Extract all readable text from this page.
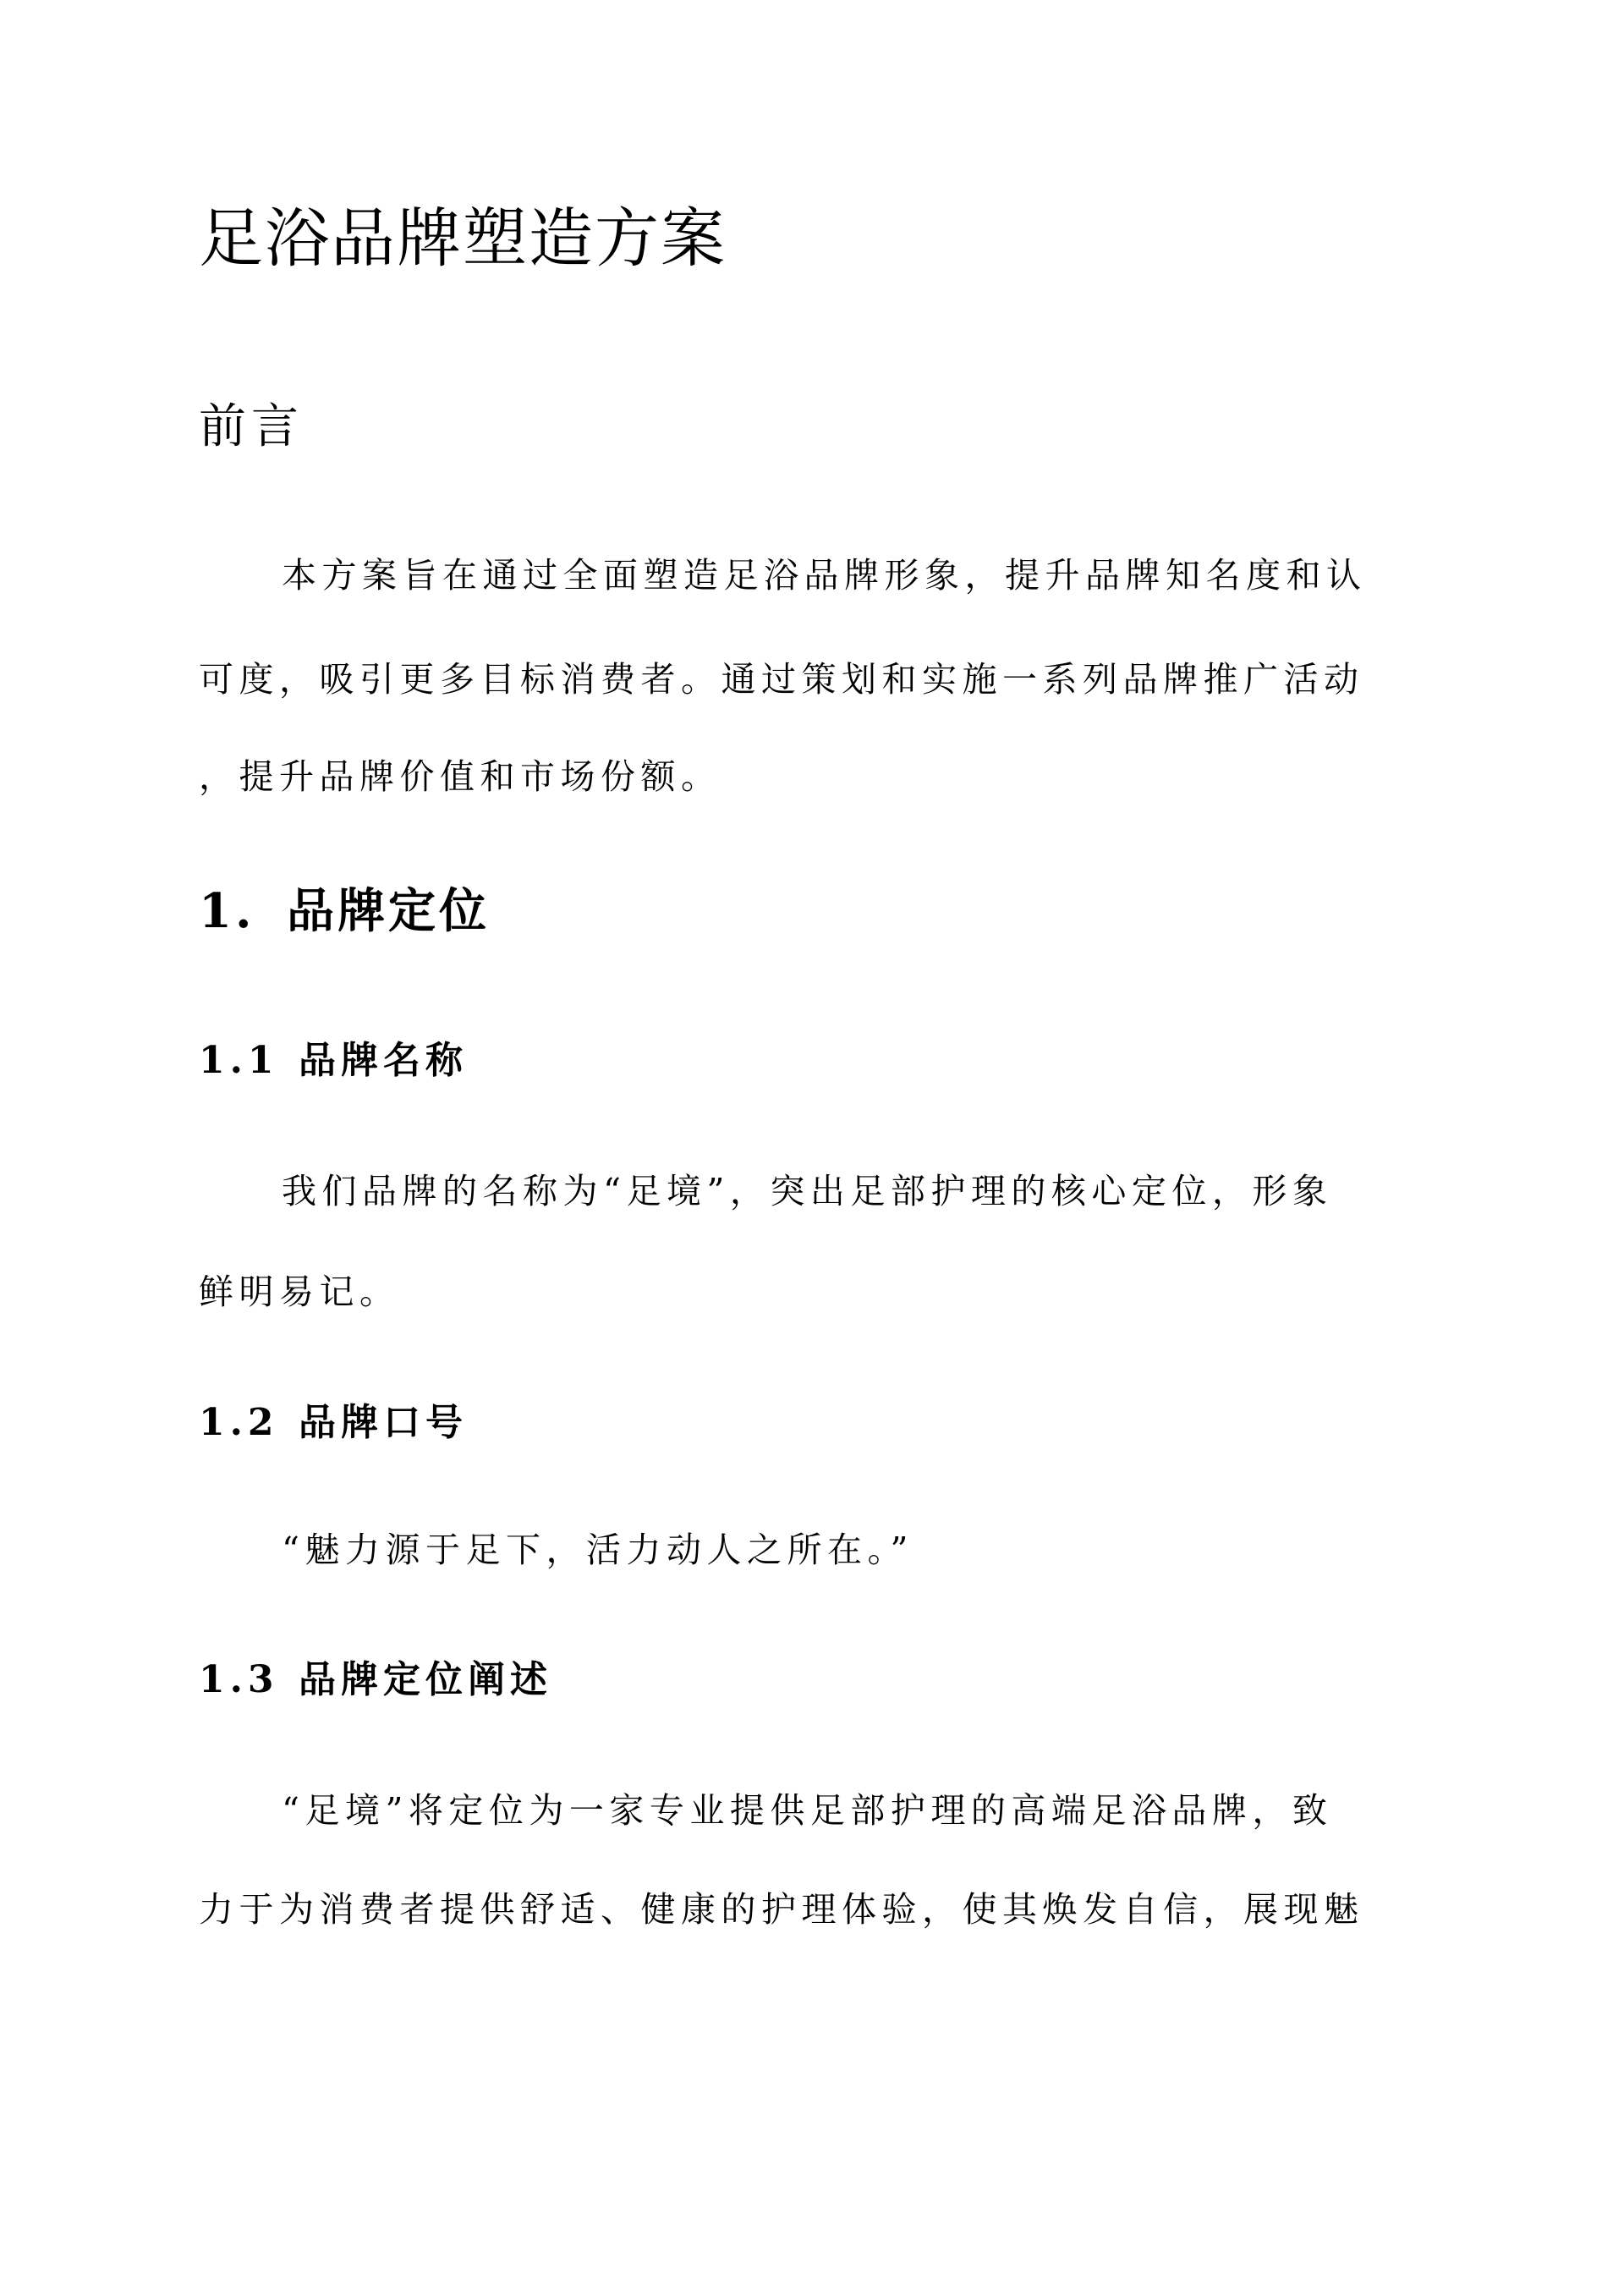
足浴品牌塑造方案
前言
本方案旨在通过全面塑造足浴品牌形象，提升品牌知名度和认
可度，吸引更多目标消费者。通过策划和实施一系列品牌推广活动
，提升品牌价值和市场份额。
1. 品牌定位
1.1 品牌名称
我们品牌的名称为“足境”，突出足部护理的核心定位，形象
鲜明易记。
1.2 品牌口号
“魅力源于足下，活力动人之所在。”
1.3 品牌定位阐述
“足境”将定位为一家专业提供足部护理的高端足浴品牌，致
力于为消费者提供舒适、健康的护理体验，使其焕发自信，展现魅
